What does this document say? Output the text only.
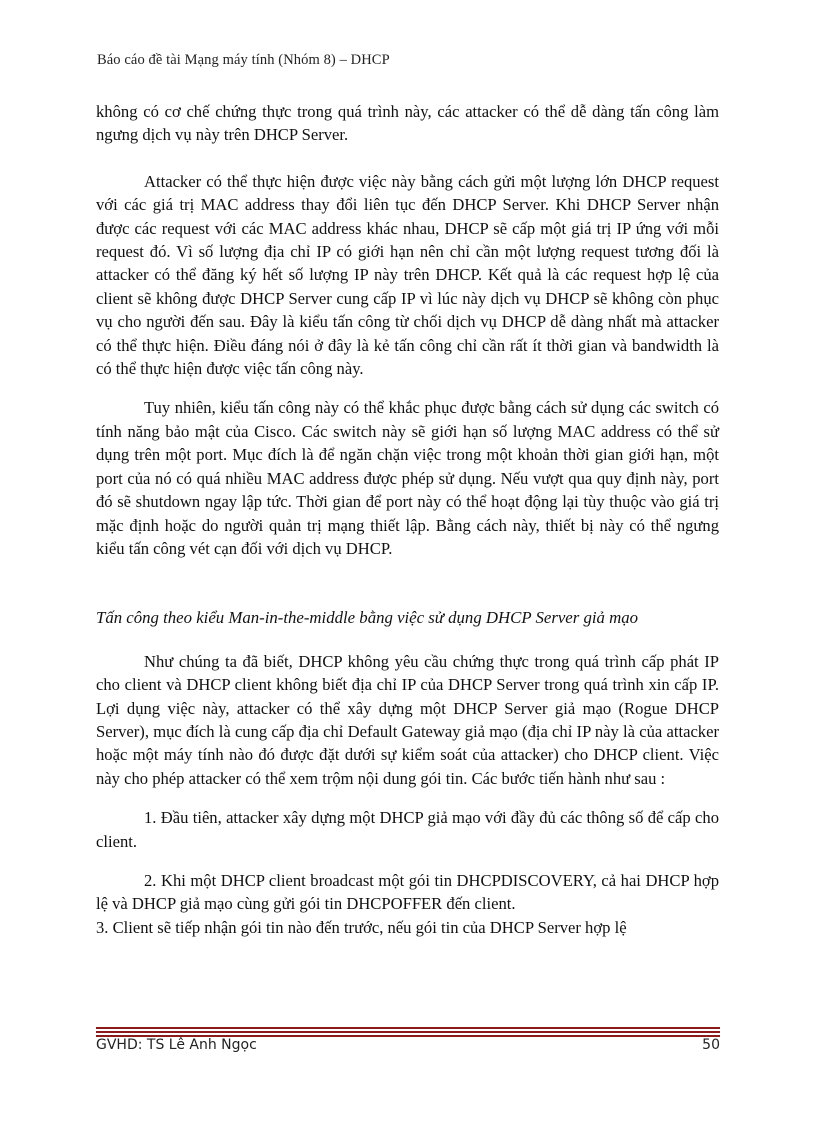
Báo cáo đề tài Mạng máy tính (Nhóm 8) – DHCP

không có cơ chế chứng thực trong quá trình này, các attacker có thể dễ dàng tấn công làm ngưng dịch vụ này trên DHCP Server.

Attacker có thể thực hiện được việc này bằng cách gửi một lượng lớn DHCP request với các giá trị MAC address thay đổi liên tục đến DHCP Server. Khi DHCP Server nhận được các request với các MAC address khác nhau, DHCP sẽ cấp một giá trị IP ứng với mỗi request đó. Vì số lượng địa chỉ IP có giới hạn nên chỉ cần một lượng request tương đối là attacker có thể đăng ký hết số lượng IP này trên DHCP. Kết quả là các request hợp lệ của client sẽ không được DHCP Server cung cấp IP vì lúc này dịch vụ DHCP sẽ không còn phục vụ cho người đến sau. Đây là kiểu tấn công từ chối dịch vụ DHCP dễ dàng nhất mà attacker có thể thực hiện. Điều đáng nói ở đây là kẻ tấn công chỉ cần rất ít thời gian và bandwidth là có thể thực hiện được việc tấn công này.

Tuy nhiên, kiểu tấn công này có thể khắc phục được bằng cách sử dụng các switch có tính năng bảo mật của Cisco. Các switch này sẽ giới hạn số lượng MAC address có thể sử dụng trên một port. Mục đích là để ngăn chặn việc trong một khoản thời gian giới hạn, một port của nó có quá nhiều MAC address được phép sử dụng. Nếu vượt qua quy định này, port đó sẽ shutdown ngay lập tức. Thời gian để port này có thể hoạt động lại tùy thuộc vào giá trị mặc định hoặc do người quản trị mạng thiết lập. Bằng cách này, thiết bị này có thể ngưng kiểu tấn công vét cạn đối với dịch vụ DHCP.

Tấn công theo kiểu Man-in-the-middle bằng việc sử dụng DHCP Server giả mạo

Như chúng ta đã biết, DHCP không yêu cầu chứng thực trong quá trình cấp phát IP cho client và DHCP client không biết địa chỉ IP của DHCP Server trong quá trình xin cấp IP. Lợi dụng việc này, attacker có thể xây dựng một DHCP Server giả mạo (Rogue DHCP Server), mục đích là cung cấp địa chỉ Default Gateway giả mạo (địa chỉ IP này là của attacker hoặc một máy tính nào đó được đặt dưới sự kiểm soát của attacker) cho DHCP client. Việc này cho phép attacker có thể xem trộm nội dung gói tin. Các bước tiến hành như sau :

1. Đầu tiên, attacker xây dựng một DHCP giả mạo với đầy đủ các thông số để cấp cho client.

2. Khi một DHCP client broadcast một gói tin DHCPDISCOVERY, cả hai DHCP hợp lệ và DHCP giả mạo cùng gửi gói tin DHCPOFFER đến client.

3. Client sẽ tiếp nhận gói tin nào đến trước, nếu gói tin của DHCP Server hợp lệ

GVHD: TS Lê Anh Ngọc	50
